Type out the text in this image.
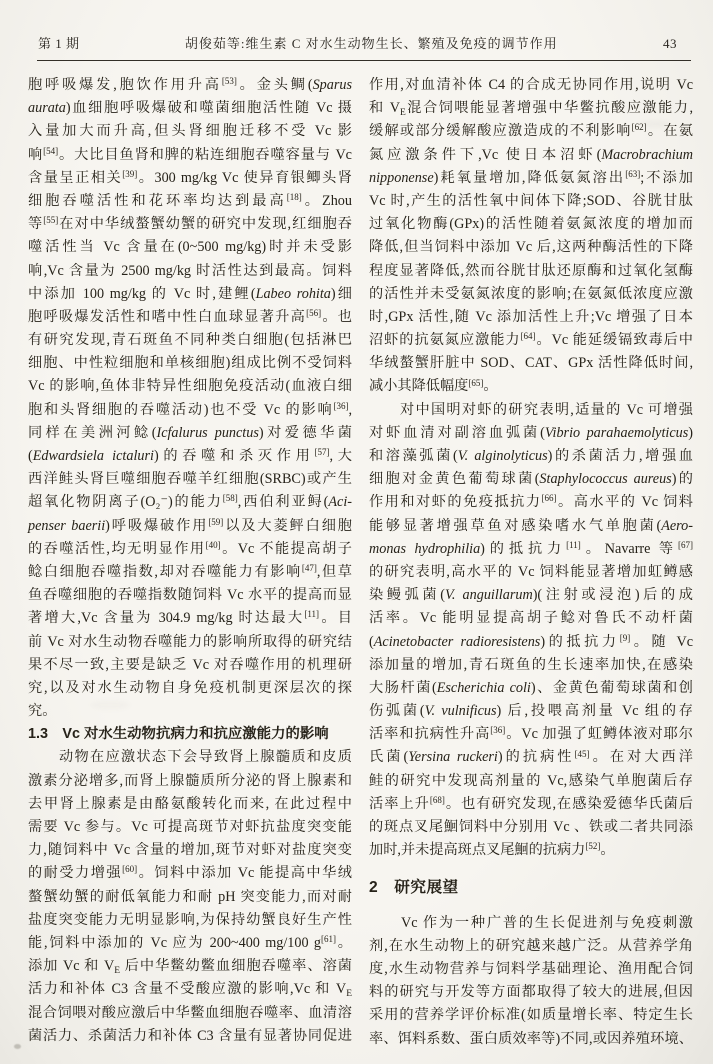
第 1 期	胡俊茹等:维生素 C 对水生动物生长、繁殖及免疫的调节作用	43
胞呼吸爆发,胞饮作用升高[53]。金头鲷(Sparus
aurata)血细胞呼吸爆破和噬菌细胞活性随 Vc 摄
入量加大而升高,但头肾细胞迁移不受 Vc 影
响[54]。大比目鱼肾和脾的粘连细胞吞噬容量与 Vc
含量呈正相关[39]。300 mg/kg Vc 使异育银鲫头肾
细胞吞噬活性和花环率均达到最高[18]。Zhou
等[55]在对中华绒螯蟹幼蟹的研究中发现,红细胞吞
噬活性当 Vc 含量在(0~500 mg/kg)时并未受影
响,Vc 含量为 2500 mg/kg 时活性达到最高。饲料
中添加 100 mg/kg 的 Vc 时,建鲤(Labeo rohita)细
胞呼吸爆发活性和嗜中性白血球显著升高[56]。也
有研究发现,青石斑鱼不同种类白细胞(包括淋巴
细胞、中性粒细胞和单核细胞)组成比例不受饲料
Vc 的影响,鱼体非特异性细胞免疫活动(血液白细
胞和头肾细胞的吞噬活动)也不受 Vc 的影响[36],
同样在美洲河鲶(Icfalurus punctus)对爱德华菌
(Edwardsiela ictaluri)的吞噬和杀灭作用[57],大
西洋鲑头肾巨噬细胞吞噬羊红细胞(SRBC)或产生
超氧化物阴离子(O₂⁻)的能力[58],西伯利亚鲟(Aci-
penser baerii)呼吸爆破作用[59]以及大菱鲆白细胞
的吞噬活性,均无明显作用[40]。Vc 不能提高胡子
鲶白细胞吞噬指数,却对吞噬能力有影响[47],但草
鱼吞噬细胞的吞噬指数随饲料 Vc 水平的提高而显
著增大,Vc 含量为 304.9 mg/kg 时达最大[11]。目
前 Vc 对水生动物吞噬能力的影响所取得的研究结
果不尽一致,主要是缺乏 Vc 对吞噬作用的机理研
究,以及对水生动物自身免疫机制更深层次的探
究。
1.3　Vc 对水生动物抗病力和抗应激能力的影响
　　动物在应激状态下会导致肾上腺髓质和皮质
激素分泌增多,而肾上腺髓质所分泌的肾上腺素和
去甲肾上腺素是由酪氨酸转化而来, 在此过程中
需要 Vc 参与。Vc 可提高斑节对虾抗盐度突变能
力,随饲料中 Vc 含量的增加,斑节对虾对盐度突变
的耐受力增强[60]。饲料中添加 Vc 能提高中华绒
螯蟹幼蟹的耐低氧能力和耐 pH 突变能力,而对耐
盐度突变能力无明显影响,为保持幼蟹良好生产性
能,饲料中添加的 Vc 应为 200~400 mg/100 g[61]。
添加 Vc 和 $V_E$ 后中华鳖幼鳖血细胞吞噬率、溶菌
活力和补体 C3 含量不受酸应激的影响,Vc 和 $V_E$
混合饲喂对酸应激后中华鳖血细胞吞噬率、血清溶
菌活力、杀菌活力和补体 C3 含量有显著协同促进
作用,对血清补体 C4 的合成无协同作用,说明 Vc
和 $V_E$混合饲喂能显著增强中华鳖抗酸应激能力,
缓解或部分缓解酸应激造成的不利影响[62]。在氨
氮应激条件下,Vc 使日本沼虾(Macrobrachium
nipponense)耗氧量增加,降低氨氮溶出[63];不添加
Vc 时,产生的活性氧中间体下降;SOD、谷胱甘肽
过氧化物酶(GPx)的活性随着氨氮浓度的增加而
降低,但当饲料中添加 Vc 后,这两种酶活性的下降
程度显著降低,然而谷胱甘肽还原酶和过氧化氢酶
的活性并未受氨氮浓度的影响;在氨氮低浓度应激
时,GPx 活性,随 Vc 添加活性上升;Vc 增强了日本
沼虾的抗氨氮应激能力[64]。Vc 能延缓镉致毒后中
华绒螯蟹肝脏中 SOD、CAT、GPx 活性降低时间,
减小其降低幅度[65]。
　　对中国明对虾的研究表明,适量的 Vc 可增强
对虾血清对副溶血弧菌(Vibrio parahaemolyticus)
和溶藻弧菌(V. alginolyticus)的杀菌活力,增强血
细胞对金黄色葡萄球菌(Staphylococcus aureus)的
作用和对虾的免疫抵抗力[66]。高水平的 Vc 饲料
能够显著增强草鱼对感染嗜水气单胞菌(Aero-
monas hydrophilia)的抵抗力[11]。Navarre 等[67]
的研究表明,高水平的 Vc 饲料能显著增加虹鳟感
染鳗弧菌(V. anguillarum)(注射或浸泡)后的成
活率。Vc 能明显提高胡子鲶对鲁氏不动杆菌
(Acinetobacter radioresistens)的抵抗力[9]。随 Vc
添加量的增加,青石斑鱼的生长速率加快,在感染
大肠杆菌(Escherichia coli)、金黄色葡萄球菌和创
伤弧菌(V. vulnificus) 后,投喂高剂量 Vc 组的存
活率和抗病性升高[36]。Vc 加强了虹鳟体液对耶尔
氏菌(Yersina ruckeri)的抗病性[45]。在对大西洋
鲑的研究中发现高剂量的 Vc,感染气单胞菌后存
活率上升[68]。也有研究发现,在感染爱德华氏菌后
的斑点叉尾鮰饲料中分别用 Vc 、铁或二者共同添
加时,并未提高斑点叉尾鮰的抗病力[52]。
2　研究展望
　　Vc 作为一种广普的生长促进剂与免疫刺激
剂,在水生动物上的研究越来越广泛。从营养学角
度,水生动物营养与饲料学基础理论、渔用配合饲
料的研究与开发等方面都取得了较大的进展,但因
采用的营养学评价标准(如质量增长率、特定生长
率、饵料系数、蛋白质效率等)不同,或因养殖环境、
